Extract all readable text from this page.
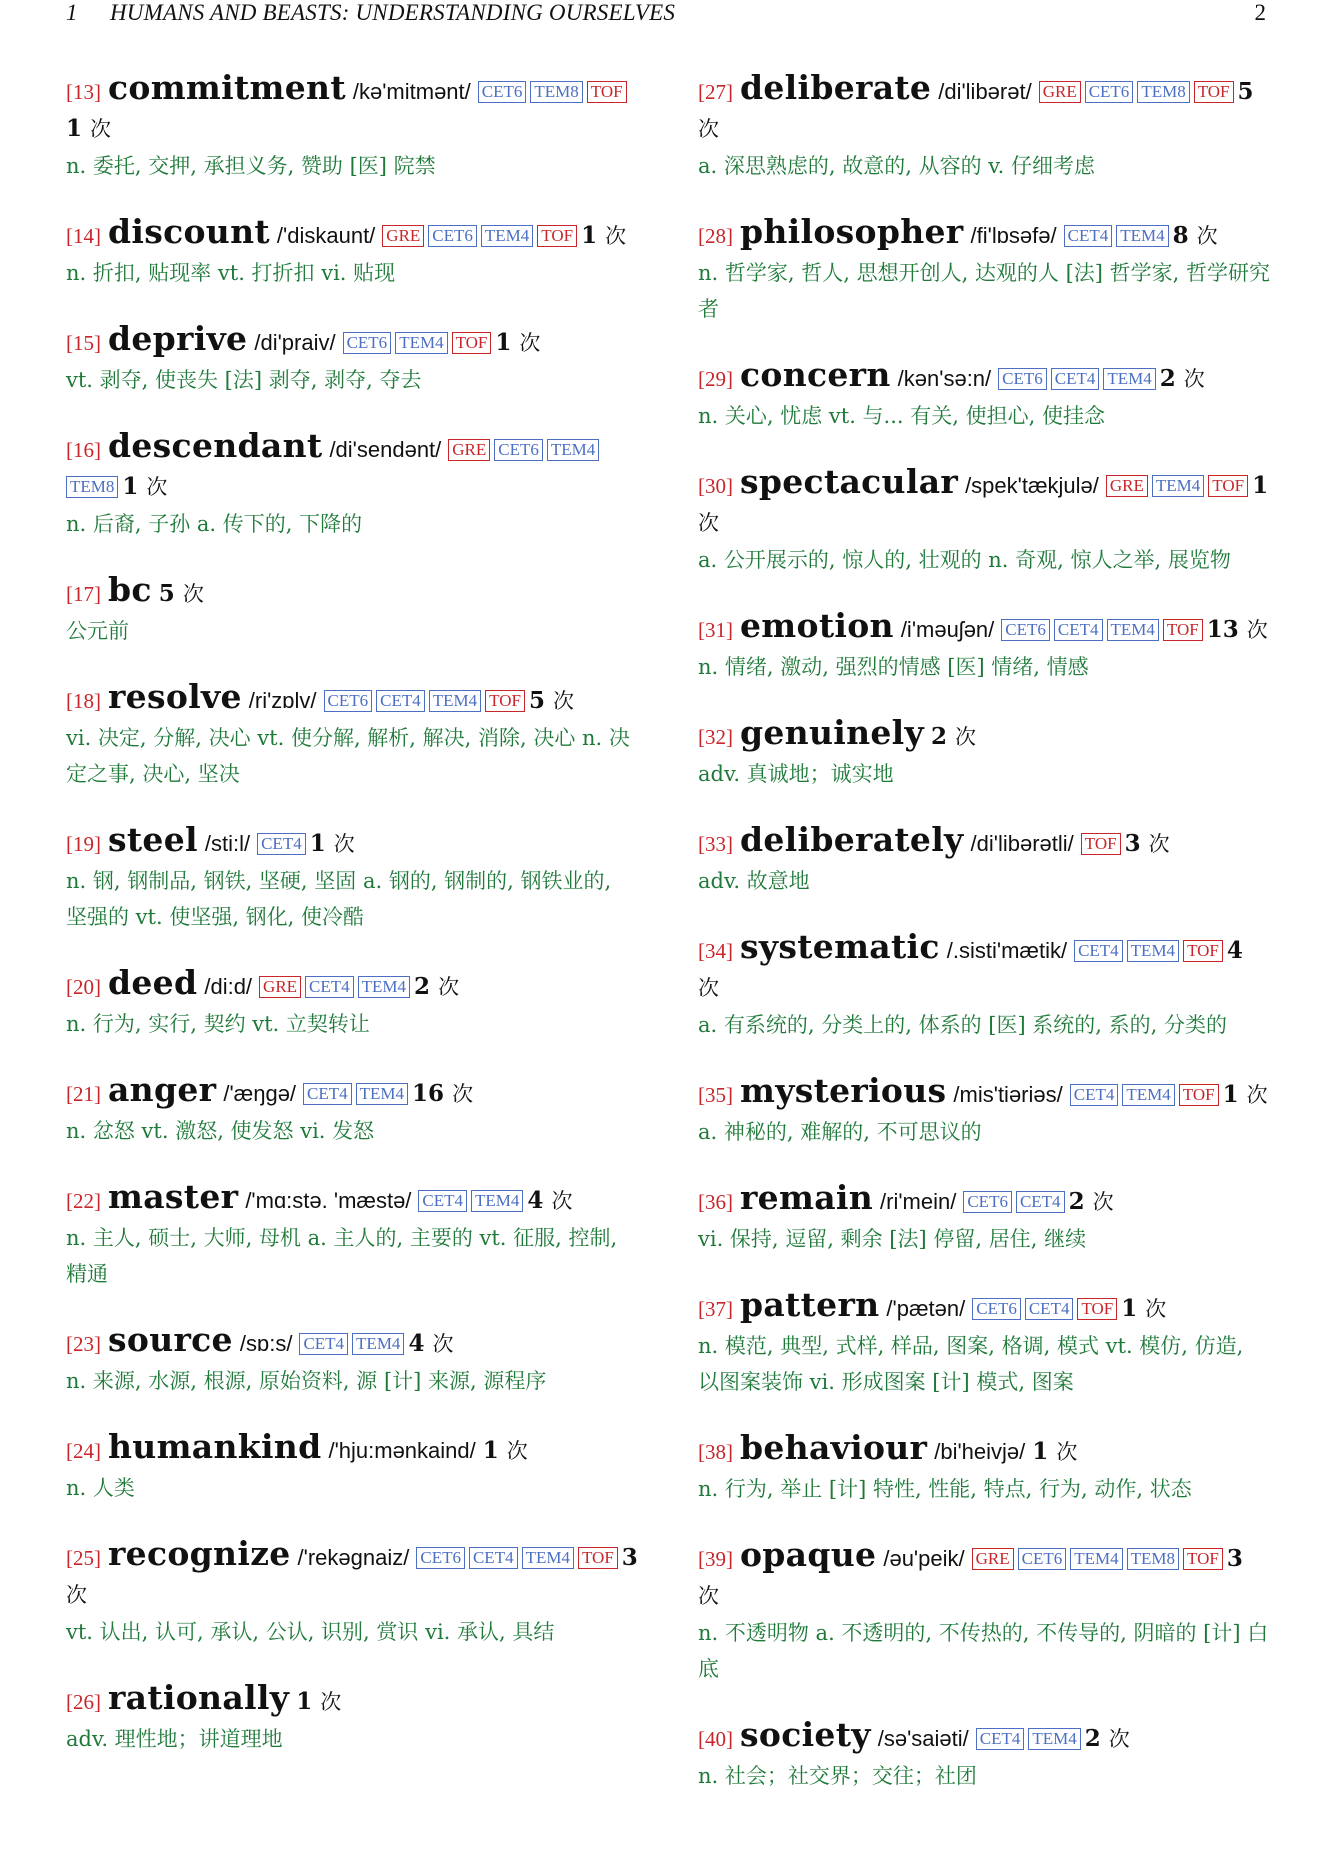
1 HUMANS AND BEASTS: UNDERSTANDING OURSELVES	2
[13] commitment /kə'mitmənt/ CET6 TEM8 TOF1 次
n. 委托, 交押, 承担义务, 赞助 [医] 院禁
[14] discount /'diskaunt/ GRE CET6 TEM4 TOF 1 次
n. 折扣, 贴现率 vt. 打折扣 vi. 贴现
[15] deprive /di'praiv/ CET6 TEM4 TOF 1 次
vt. 剥夺, 使丧失 [法] 剥夺, 剥夺, 夺去
[16] descendant /di'sendənt/ GRE CET6 TEM4TEM8 1 次
n. 后裔, 子孙 a. 传下的, 下降的
[17] bc 5 次
公元前
[18] resolve /ri'zɒlv/ CET6 CET4 TEM4 TOF 5 次
vi. 决定, 分解, 决心 vt. 使分解, 解析, 解决, 消除, 决心 n. 决定之事, 决心, 坚决
[19] steel /sti:l/ CET4 1 次
n. 钢, 钢制品, 钢铁, 坚硬, 坚固 a. 钢的, 钢制的, 钢铁业的, 坚强的 vt. 使坚强, 钢化, 使冷酷
[20] deed /di:d/ GRE CET4 TEM4 2 次
n. 行为, 实行, 契约 vt. 立契转让
[21] anger /'æŋgə/ CET4 TEM4 16 次
n. 忿怒 vt. 激怒, 使发怒 vi. 发怒
[22] master /'mɑ:stə. 'mæstə/ CET4 TEM4 4 次
n. 主人, 硕士, 大师, 母机 a. 主人的, 主要的 vt. 征服, 控制, 精通
[23] source /sɒ:s/ CET4 TEM4 4 次
n. 来源, 水源, 根源, 原始资料, 源 [计] 来源, 源程序
[24] humankind /'hju:mənkaind/ 1 次
n. 人类
[25] recognize /'rekəgnaiz/ CET6 CET4 TEM4 TOF 3 次
vt. 认出, 认可, 承认, 公认, 识别, 赏识 vi. 承认, 具结
[26] rationally 1 次
adv. 理性地；讲道理地
[27] deliberate /di'libərət/ GRE CET6 TEM8 TOF 5 次
a. 深思熟虑的, 故意的, 从容的 v. 仔细考虑
[28] philosopher /fi'lɒsəfə/ CET4 TEM4 8 次
n. 哲学家, 哲人, 思想开创人, 达观的人 [法] 哲学家, 哲学研究者
[29] concern /kən'sə:n/ CET6 CET4 TEM4 2 次
n. 关心, 忧虑 vt. 与... 有关, 使担心, 使挂念
[30] spectacular /spek'tækjulə/ GRE TEM4 TOF 1 次
a. 公开展示的, 惊人的, 壮观的 n. 奇观, 惊人之举, 展览物
[31] emotion /i'məuʃən/ CET6 CET4 TEM4 TOF 13 次
n. 情绪, 激动, 强烈的情感 [医] 情绪, 情感
[32] genuinely 2 次
adv. 真诚地；诚实地
[33] deliberately /di'libərətli/ TOF 3 次
adv. 故意地
[34] systematic /.sisti'mætik/ CET4 TEM4 TOF 4 次
a. 有系统的, 分类上的, 体系的 [医] 系统的, 系的, 分类的
[35] mysterious /mis'tiəriəs/ CET4 TEM4 TOF 1 次
a. 神秘的, 难解的, 不可思议的
[36] remain /ri'mein/ CET6 CET4 2 次
vi. 保持, 逗留, 剩余 [法] 停留, 居住, 继续
[37] pattern /'pætən/ CET6 CET4 TOF 1 次
n. 模范, 典型, 式样, 样品, 图案, 格调, 模式 vt. 模仿, 仿造, 以图案装饰 vi. 形成图案 [计] 模式, 图案
[38] behaviour /bi'heivjə/ 1 次
n. 行为, 举止 [计] 特性, 性能, 特点, 行为, 动作, 状态
[39] opaque /əu'peik/ GRE CET6 TEM4 TEM8 TOF 3 次
n. 不透明物 a. 不透明的, 不传热的, 不传导的, 阴暗的 [计] 白底
[40] society /sə'saiəti/ CET4 TEM4 2 次
n. 社会；社交界；交往；社团
